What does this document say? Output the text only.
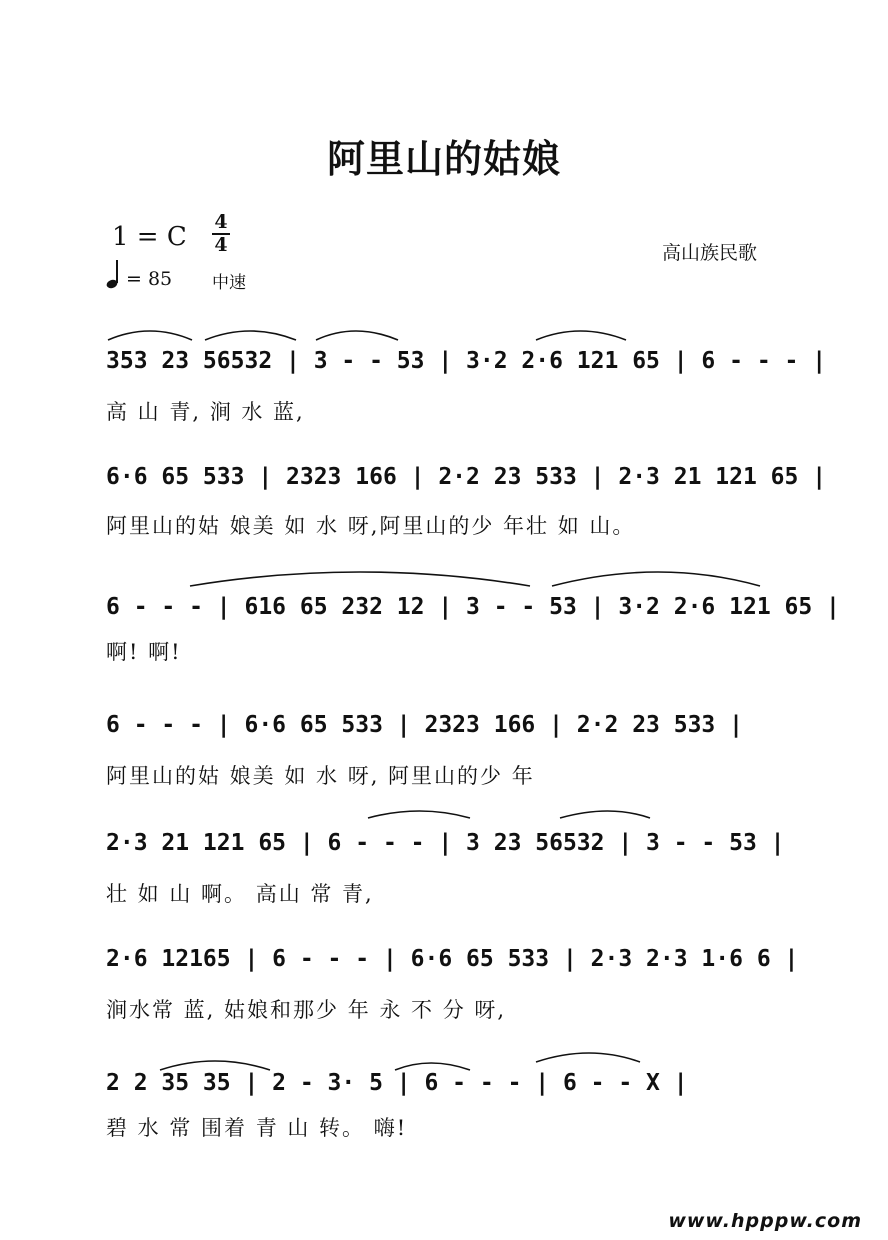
阿里山的姑娘
1 = C 4
4	高山族民歌
= 85 中速
353 23 56532 | 3 - - 53 | 3·2 2·6 121 65 | 6 - - - |
高 山 青, 涧 水 蓝,
6·6 65 533 | 2323 166 | 2·2 23 533 | 2·3 21 121 65 |
阿里山的姑 娘美 如 水 呀,阿里山的少 年壮 如 山。
6 - - - | 616 65 232 12 | 3 - - 53 | 3·2 2·6 121 65 |
啊! 啊!
6 - - - | 6·6 65 533 | 2323 166 | 2·2 23 533 |
阿里山的姑 娘美 如 水 呀, 阿里山的少 年
2·3 21 121 65 | 6 - - - | 3 23 56532 | 3 - - 53 |
壮 如 山 啊。 高山 常 青,
2·6 12165 | 6 - - - | 6·6 65 533 | 2·3 2·3 1·6 6 |
涧水常 蓝, 姑娘和那少 年 永 不 分 呀,
2 2 35 35 | 2 - 3· 5 | 6 - - - | 6 - - X |
碧 水 常 围着 青 山 转。 嗨!
www.hpppw.com
